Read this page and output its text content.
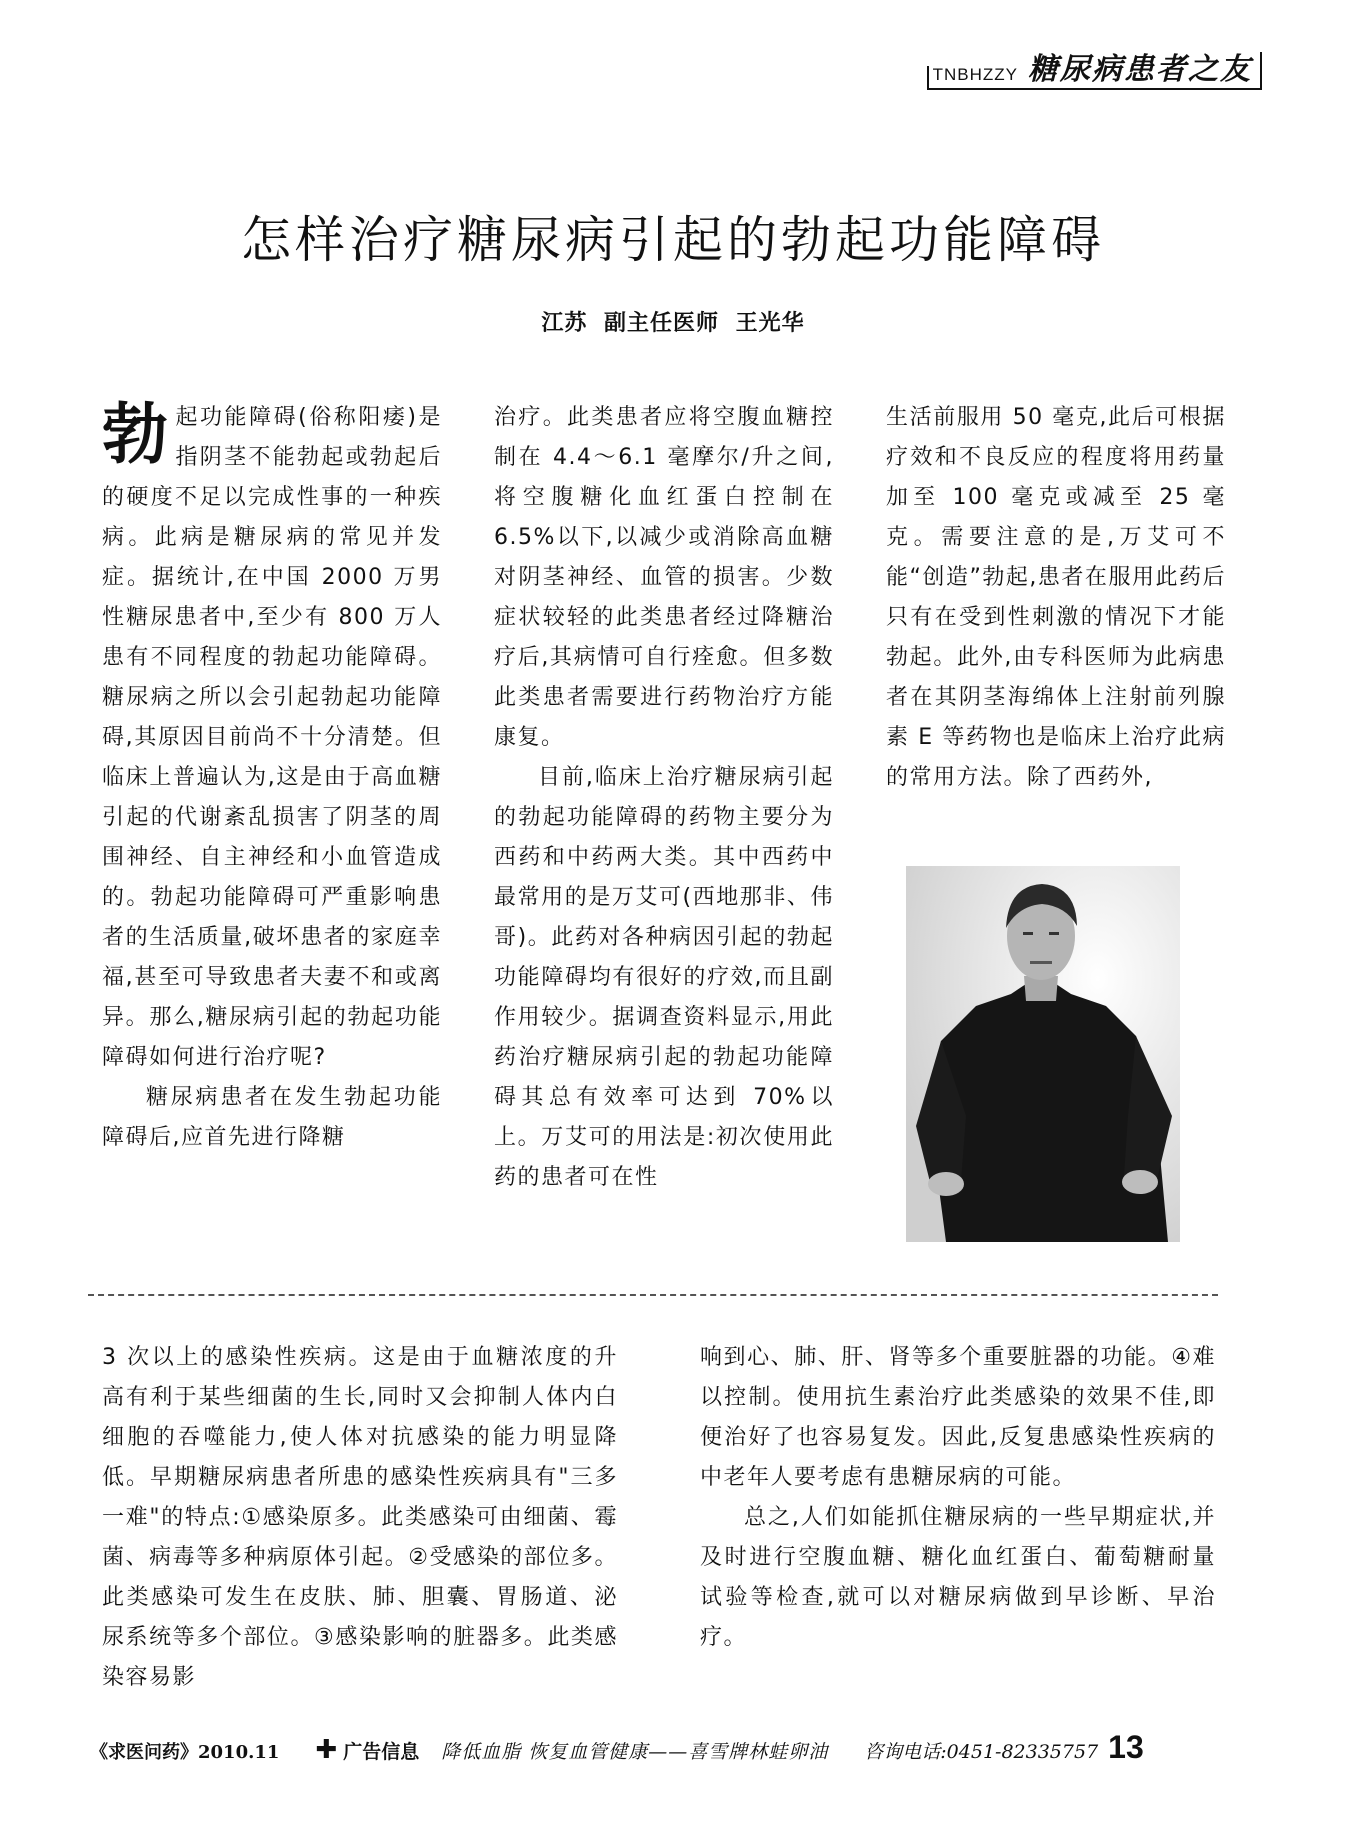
TNBHZZY 糖尿病患者之友
怎样治疗糖尿病引起的勃起功能障碍
江苏 副主任医师 王光华

勃起功能障碍(俗称阳痿)是指阴茎不能勃起或勃起后的硬度不足以完成性事的一种疾病。此病是糖尿病的常见并发症。据统计,在中国 2000 万男性糖尿患者中,至少有 800 万人患有不同程度的勃起功能障碍。糖尿病之所以会引起勃起功能障碍,其原因目前尚不十分清楚。但临床上普遍认为,这是由于高血糖引起的代谢紊乱损害了阴茎的周围神经、自主神经和小血管造成的。勃起功能障碍可严重影响患者的生活质量,破坏患者的家庭幸福,甚至可导致患者夫妻不和或离异。那么,糖尿病引起的勃起功能障碍如何进行治疗呢?

糖尿病患者在发生勃起功能障碍后,应首先进行降糖

治疗。此类患者应将空腹血糖控制在 4.4～6.1 毫摩尔/升之间,将空腹糖化血红蛋白控制在 6.5%以下,以减少或消除高血糖对阴茎神经、血管的损害。少数症状较轻的此类患者经过降糖治疗后,其病情可自行痊愈。但多数此类患者需要进行药物治疗方能康复。

目前,临床上治疗糖尿病引起的勃起功能障碍的药物主要分为西药和中药两大类。其中西药中最常用的是万艾可(西地那非、伟哥)。此药对各种病因引起的勃起功能障碍均有很好的疗效,而且副作用较少。据调查资料显示,用此药治疗糖尿病引起的勃起功能障碍其总有效率可达到 70%以上。万艾可的用法是:初次使用此药的患者可在性

生活前服用 50 毫克,此后可根据疗效和不良反应的程度将用药量加至 100 毫克或减至 25 毫克。需要注意的是,万艾可不能“创造”勃起,患者在服用此药后只有在受到性刺激的情况下才能勃起。此外,由专科医师为此病患者在其阴茎海绵体上注射前列腺素 E 等药物也是临床上治疗此病的常用方法。除了西药外,

3 次以上的感染性疾病。这是由于血糖浓度的升高有利于某些细菌的生长,同时又会抑制人体内白细胞的吞噬能力,使人体对抗感染的能力明显降低。早期糖尿病患者所患的感染性疾病具有"三多一难"的特点:①感染原多。此类感染可由细菌、霉菌、病毒等多种病原体引起。②受感染的部位多。此类感染可发生在皮肤、肺、胆囊、胃肠道、泌尿系统等多个部位。③感染影响的脏器多。此类感染容易影

响到心、肺、肝、肾等多个重要脏器的功能。④难以控制。使用抗生素治疗此类感染的效果不佳,即便治好了也容易复发。因此,反复患感染性疾病的中老年人要考虑有患糖尿病的可能。

总之,人们如能抓住糖尿病的一些早期症状,并及时进行空腹血糖、糖化血红蛋白、葡萄糖耐量试验等检查,就可以对糖尿病做到早诊断、早治疗。

《求医问药》2010.11 ✚ 广告信息 降低血脂 恢复血管健康——喜雪牌林蛙卵油 咨询电话:0451-82335757 13
